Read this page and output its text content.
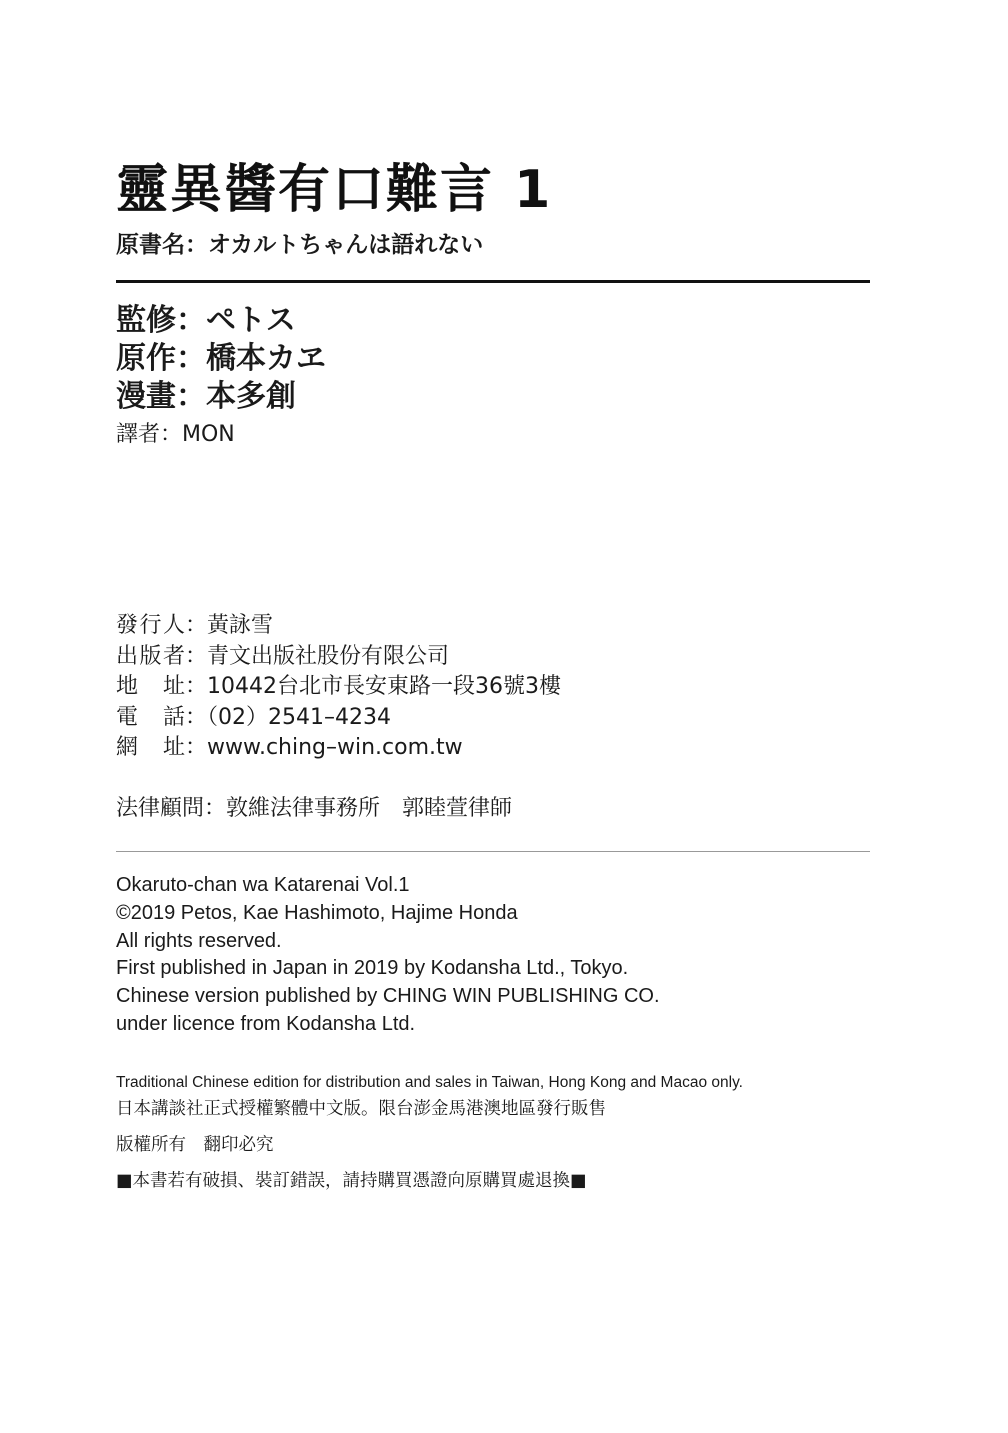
靈異醬有口難言 1
原書名：オカルトちゃんは語れない
監修：ペトス
原作：橋本カヱ
漫畫：本多創
譯者：MON
發行人：黃詠雪
出版者：青文出版社股份有限公司
地址：10442台北市長安東路一段36號3樓
電話：（02）2541–4234
網址：www.ching–win.com.tw
法律顧問：敦維法律事務所　郭睦萱律師
Okaruto-chan wa Katarenai Vol.1
©2019 Petos, Kae Hashimoto, Hajime Honda
All rights reserved.
First published in Japan in 2019 by Kodansha Ltd., Tokyo.
Chinese version published by CHING WIN PUBLISHING CO.
under licence from Kodansha Ltd.
Traditional Chinese edition for distribution and sales in Taiwan, Hong Kong and Macao only.
日本講談社正式授權繁體中文版。限台澎金馬港澳地區發行販售
版權所有　翻印必究
■本書若有破損、裝訂錯誤，請持購買憑證向原購買處退換■
